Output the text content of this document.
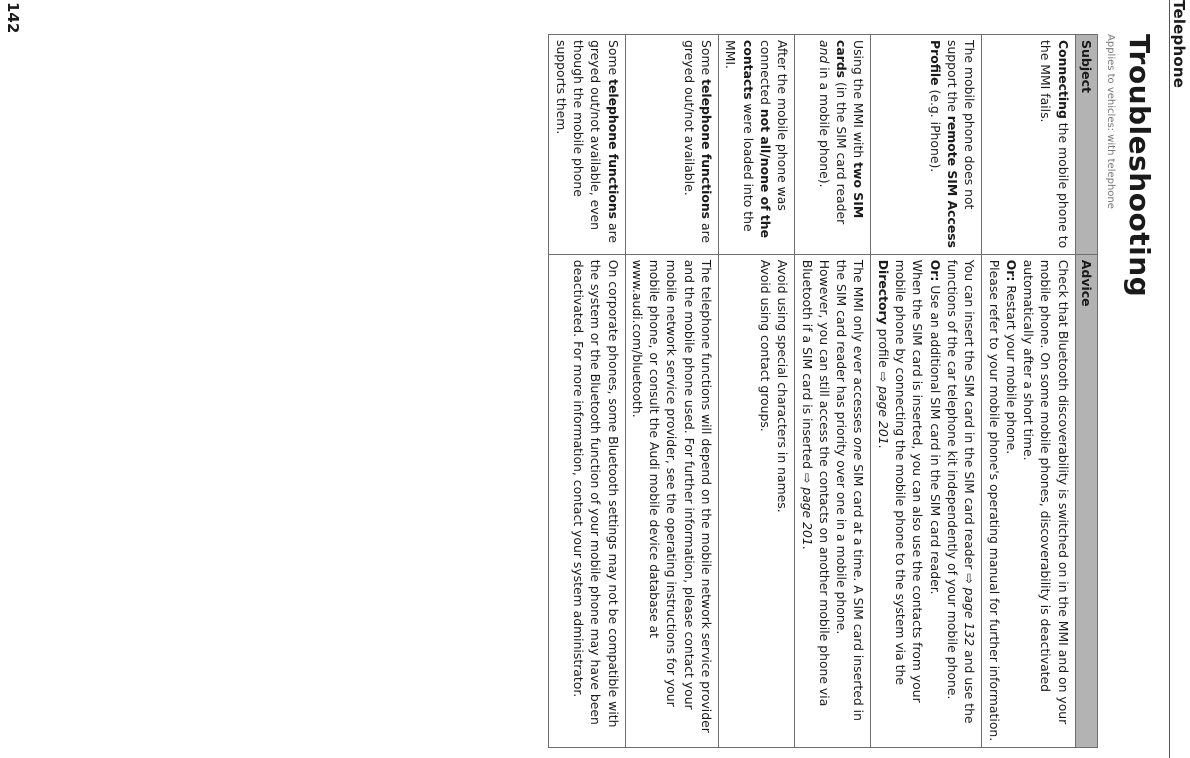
Telephone
142
Troubleshooting
Applies to vehicles: with telephone
Subject	Advice
Connecting the mobile phone to the MMI fails.	Check that Bluetooth discoverability is switched on in the MMI and on your mobile phone. On some mobile phones, discoverability is deactivated automatically after a short time.
Or: Restart your mobile phone.
Please refer to your mobile phone's operating manual for further information.

The mobile phone does not support the remote SIM Access Profile (e.g. iPhone).	You can insert the SIM card in the SIM card reader ⇨ page 132 and use the functions of the car telephone kit independently of your mobile phone.
Or: Use an additional SIM card in the SIM card reader.
When the SIM card is inserted, you can also use the contacts from your mobile phone by connecting the mobile phone to the system via the Directory profile ⇨ page 201.

Using the MMI with two SIM cards (in the SIM card reader and in a mobile phone).	The MMI only ever accesses one SIM card at a time. A SIM card inserted in the SIM card reader has priority over one in a mobile phone.
However, you can still access the contacts on another mobile phone via Bluetooth if a SIM card is inserted ⇨ page 201.

After the mobile phone was connected not all/none of the contacts were loaded into the MMI.	Avoid using special characters in names.
Avoid using contact groups.

Some telephone functions are greyed out/not available.	The telephone functions will depend on the mobile network service provider and the mobile phone used. For further information, please contact your mobile network service provider, see the operating instructions for your mobile phone, or consult the Audi mobile device database at www.audi.com/bluetooth.

Some telephone functions are greyed out/not available, even though the mobile phone supports them.	On corporate phones, some Bluetooth settings may not be compatible with the system or the Bluetooth function of your mobile phone may have been deactivated. For more information, contact your system administrator.
